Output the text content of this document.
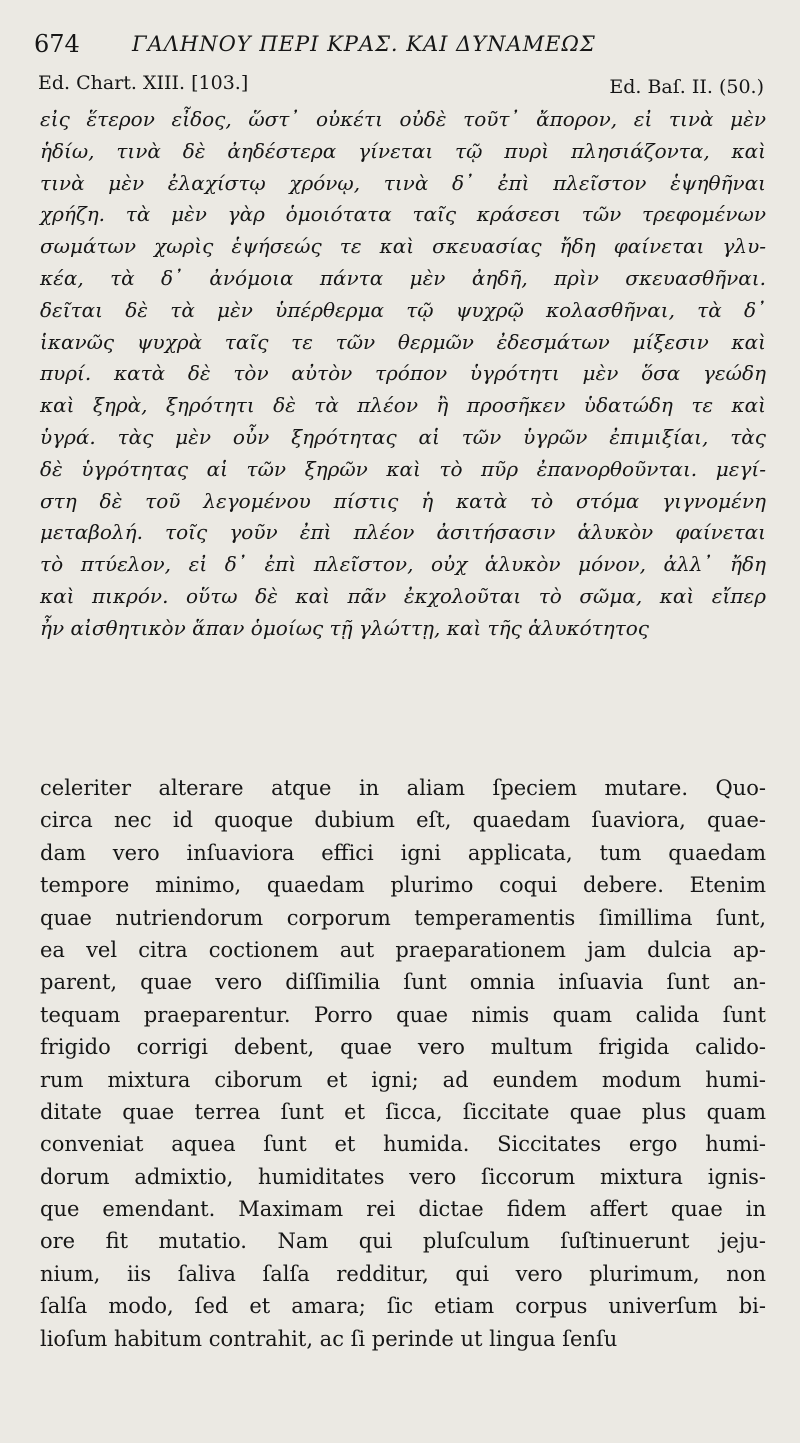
674 ΓΑΛΗΝΟΥ ΠΕΡΙ ΚΡΑΣ. ΚΑΙ ΔΥΝΑΜΕΩΣ
Ed. Chart. XIII. [103.]	Ed. Baſ. II. (50.)
εἰς ἕτερον εἶδος, ὥστ᾽ οὐκέτι οὐδὲ τοῦτ᾽ ἄπορον, εἰ τινὰ μὲν
ἡδίω, τινὰ δὲ ἀηδέστερα γίνεται τῷ πυρὶ πλησιάζοντα, καὶ
τινὰ μὲν ἐλαχίστῳ χρόνῳ, τινὰ δ᾽ ἐπὶ πλεῖστον ἑψηθῆναι
χρήζη. τὰ μὲν γὰρ ὁμοιότατα ταῖς κράσεσι τῶν τρεφομένων
σωμάτων χωρὶς ἑψήσεώς τε καὶ σκευασίας ἤδη φαίνεται γλυ-
κέα, τὰ δ᾽ ἀνόμοια πάντα μὲν ἀηδῆ, πρὶν σκευασθῆναι.
δεῖται δὲ τὰ μὲν ὑπέρθερμα τῷ ψυχρῷ κολασθῆναι, τὰ δ᾽
ἱκανῶς ψυχρὰ ταῖς τε τῶν θερμῶν ἐδεσμάτων μίξεσιν καὶ
πυρί. κατὰ δὲ τὸν αὐτὸν τρόπον ὑγρότητι μὲν ὅσα γεώδη
καὶ ξηρὰ, ξηρότητι δὲ τὰ πλέον ἢ προσῆκεν ὑδατώδη τε καὶ
ὑγρά. τὰς μὲν οὖν ξηρότητας αἱ τῶν ὑγρῶν ἐπιμιξίαι, τὰς
δὲ ὑγρότητας αἱ τῶν ξηρῶν καὶ τὸ πῦρ ἐπανορθοῦνται. μεγί-
στη δὲ τοῦ λεγομένου πίστις ἡ κατὰ τὸ στόμα γιγνομένη
μεταβολή. τοῖς γοῦν ἐπὶ πλέον ἀσιτήσασιν ἁλυκὸν φαίνεται
τὸ πτύελον, εἰ δ᾽ ἐπὶ πλεῖστον, οὐχ ἁλυκὸν μόνον, ἀλλ᾽ ἤδη
καὶ πικρόν. οὕτω δὲ καὶ πᾶν ἐκχολοῦται τὸ σῶμα, καὶ εἴπερ
ἦν αἰσθητικὸν ἅπαν ὁμοίως τῇ γλώττῃ, καὶ τῆς ἁλυκότητος
celeriter alterare atque in aliam ſpeciem mutare. Quo-
circa nec id quoque dubium eſt, quaedam ſuaviora, quae-
dam vero inſuaviora effici igni applicata, tum quaedam
tempore minimo, quaedam plurimo coqui debere. Etenim
quae nutriendorum corporum temperamentis ſimillima ſunt,
ea vel citra coctionem aut praeparationem jam dulcia ap-
parent, quae vero diſſimilia ſunt omnia inſuavia ſunt an-
tequam praeparentur. Porro quae nimis quam calida ſunt
frigido corrigi debent, quae vero multum frigida calido-
rum mixtura ciborum et igni; ad eundem modum humi-
ditate quae terrea ſunt et ſicca, ſiccitate quae plus quam
conveniat aquea ſunt et humida. Siccitates ergo humi-
dorum admixtio, humiditates vero ſiccorum mixtura ignis-
que emendant. Maximam rei dictae fidem affert quae in
ore fit mutatio. Nam qui pluſculum ſuſtinuerunt jeju-
nium, iis ſaliva ſalſa redditur, qui vero plurimum, non
ſalſa modo, ſed et amara; ſic etiam corpus univerſum bi-
lioſum habitum contrahit, ac ſi perinde ut lingua ſenſu
